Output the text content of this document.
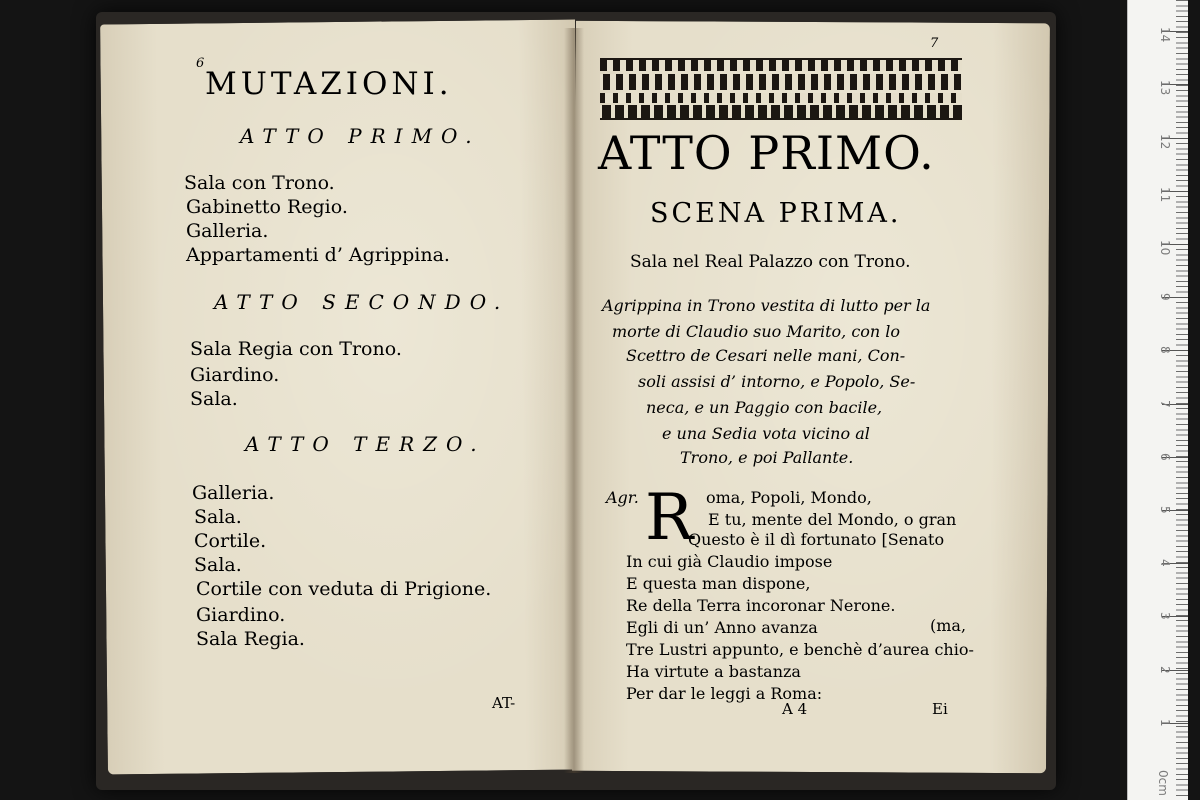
6
MUTAZIONI.
ATTO PRIMO.
Sala con Trono.
Gabinetto Regio.
Galleria.
Appartamenti d’ Agrippina.
ATTO SECONDO.
Sala Regia con Trono.
Giardino.
Sala.
ATTO TERZO.
Galleria.
Sala.
Cortile.
Sala.
Cortile con veduta di Prigione.
Giardino.
Sala Regia.
AT-
7
ATTO PRIMO.
SCENA PRIMA.
Sala nel Real Palazzo con Trono.
Agrippina in Trono vestita di lutto per la
morte di Claudio suo Marito, con lo
Scettro de Cesari nelle mani, Con-
soli assisi d’ intorno, e Popolo, Se-
neca, e un Paggio con bacile,
e una Sedia vota vicino al
Trono, e poi Pallante.
Agr. R oma, Popoli, Mondo,
E tu, mente del Mondo, o gran
Questo è il dì fortunato [Senato
In cui già Claudio impose
E questa man dispone,
Re della Terra incoronar Nerone.
Egli di un’ Anno avanza	(ma,
Tre Lustri appunto, e benchè d’aurea chio-
Ha virtute a bastanza
Per dar le leggi a Roma:
A 4	Ei
0cm
1
2
3
4
5
6
7
8
9
10
11
12
13
14
